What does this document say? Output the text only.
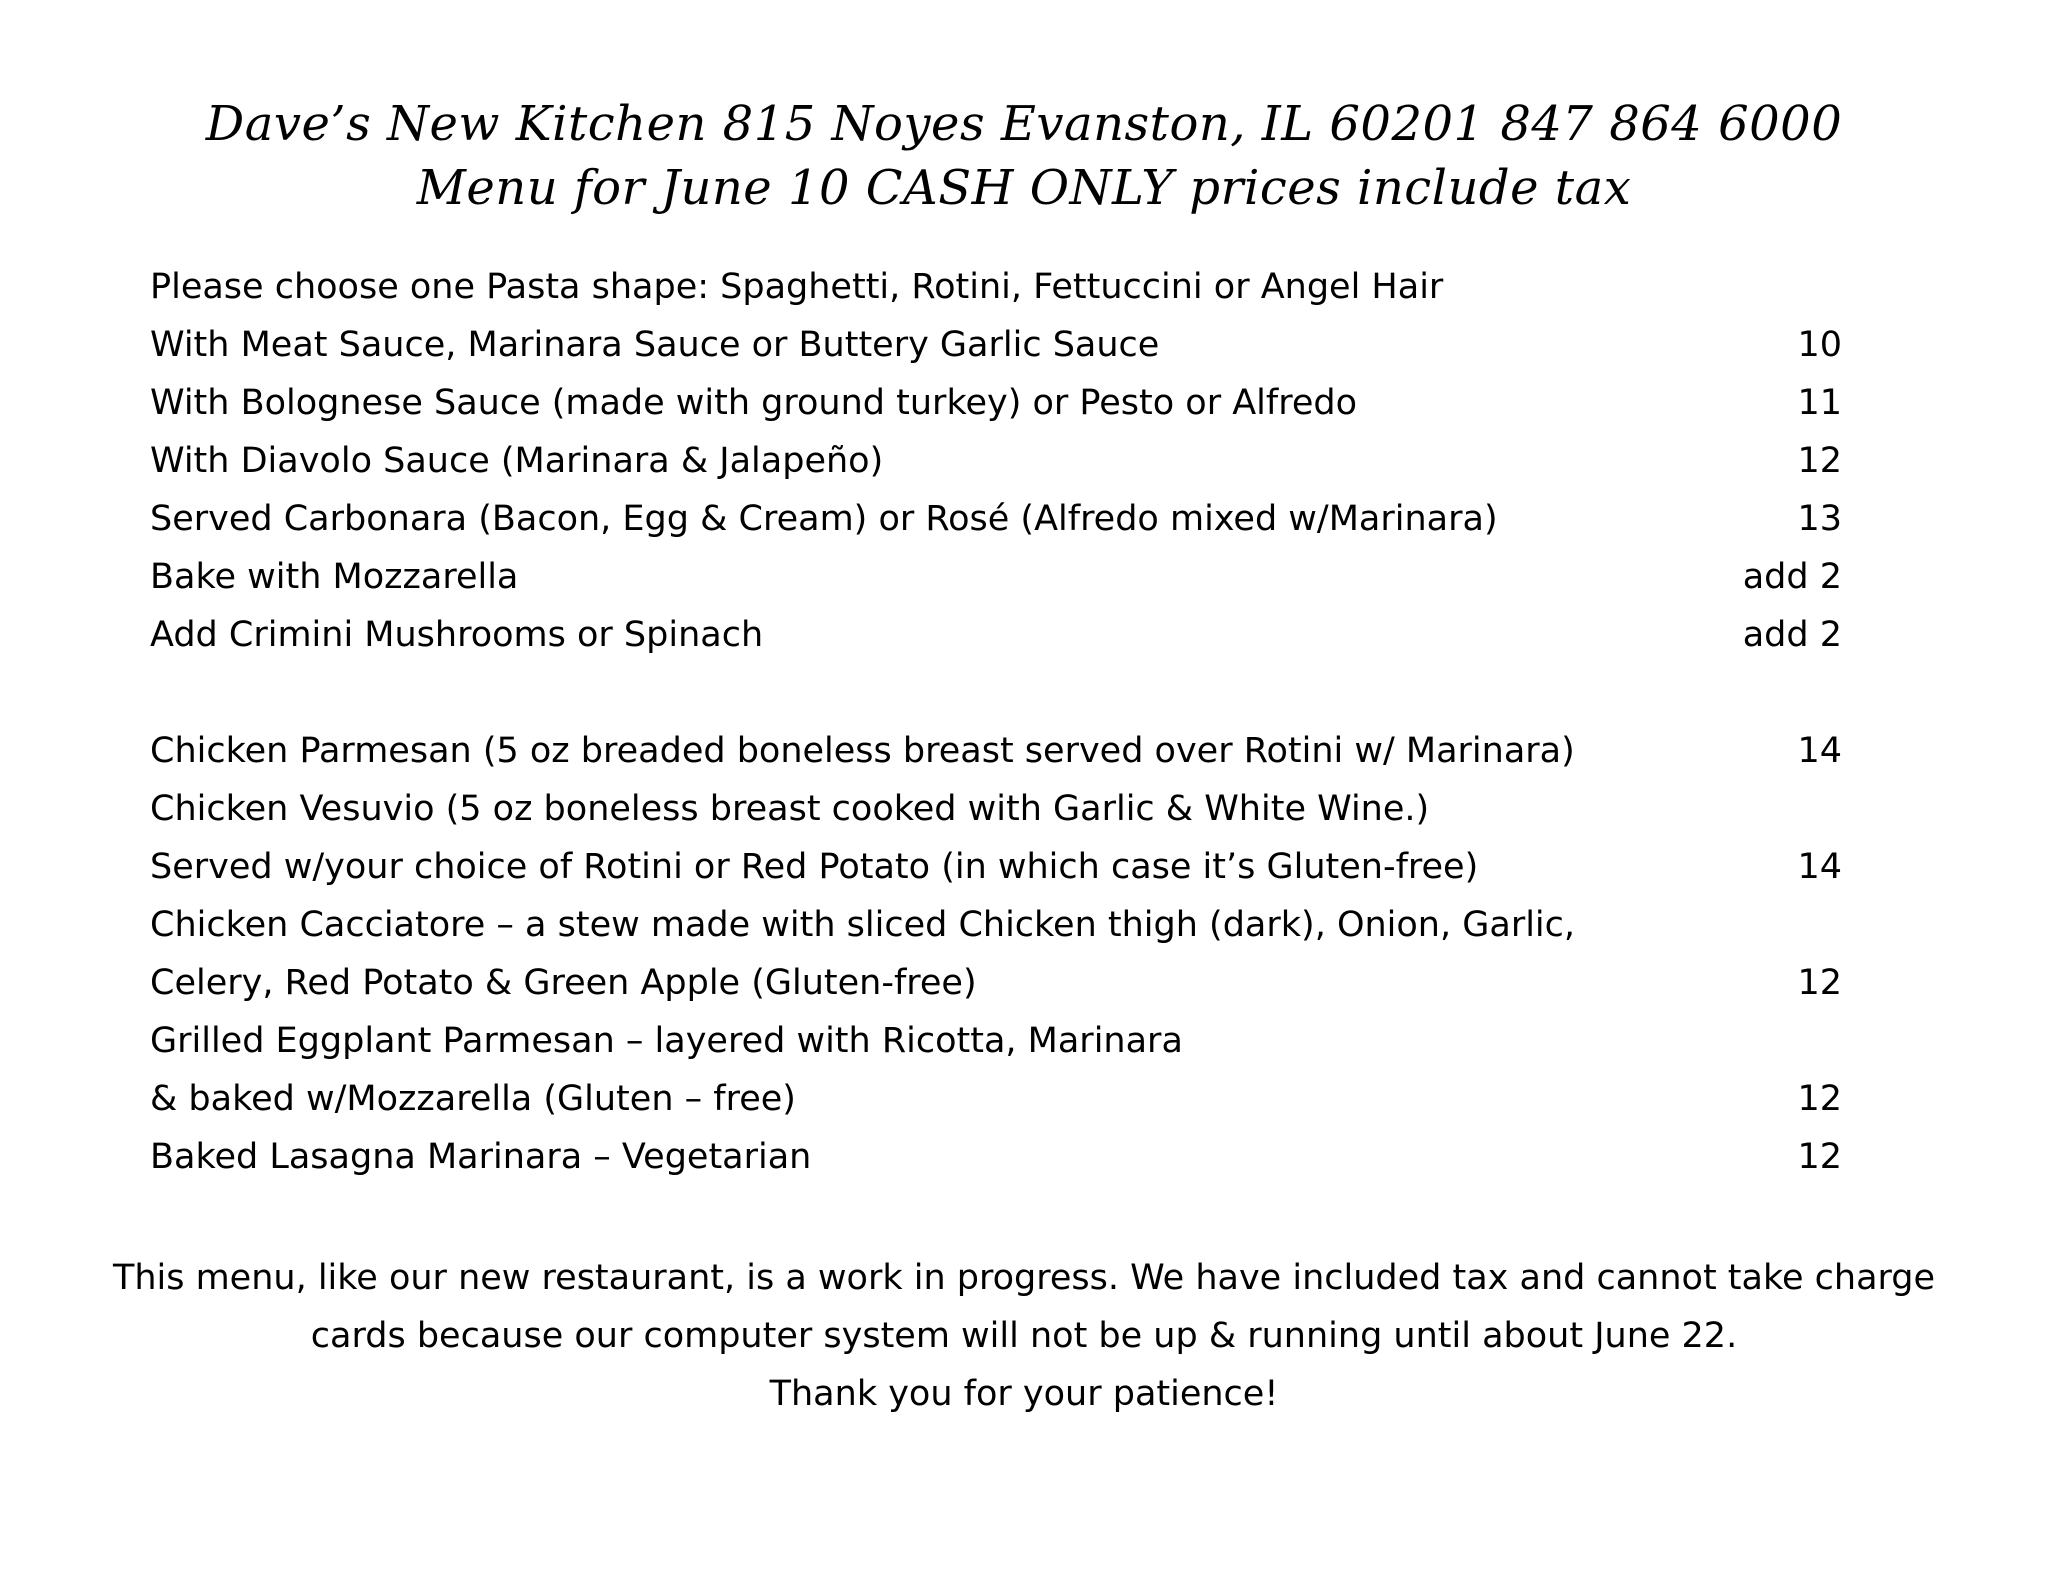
Dave’s New Kitchen 815 Noyes Evanston, IL 60201 847 864 6000
Menu for June 10 CASH ONLY prices include tax
Please choose one Pasta shape: Spaghetti, Rotini, Fettuccini or Angel Hair
With Meat Sauce, Marinara Sauce or Buttery Garlic Sauce	10
With Bolognese Sauce (made with ground turkey) or Pesto or Alfredo	11
With Diavolo Sauce (Marinara & Jalapeño)	12
Served Carbonara (Bacon, Egg & Cream) or Rosé (Alfredo mixed w/Marinara)	13
Bake with Mozzarella	add 2
Add Crimini Mushrooms or Spinach	add 2
Chicken Parmesan (5 oz breaded boneless breast served over Rotini w/ Marinara)	14
Chicken Vesuvio (5 oz boneless breast cooked with Garlic & White Wine.)
Served w/your choice of Rotini or Red Potato (in which case it’s Gluten-free)	14
Chicken Cacciatore – a stew made with sliced Chicken thigh (dark), Onion, Garlic,
Celery, Red Potato & Green Apple (Gluten-free)	12
Grilled Eggplant Parmesan – layered with Ricotta, Marinara
& baked w/Mozzarella (Gluten – free)	12
Baked Lasagna Marinara – Vegetarian	12
This menu, like our new restaurant, is a work in progress. We have included tax and cannot take charge
cards because our computer system will not be up & running until about June 22.
Thank you for your patience!
